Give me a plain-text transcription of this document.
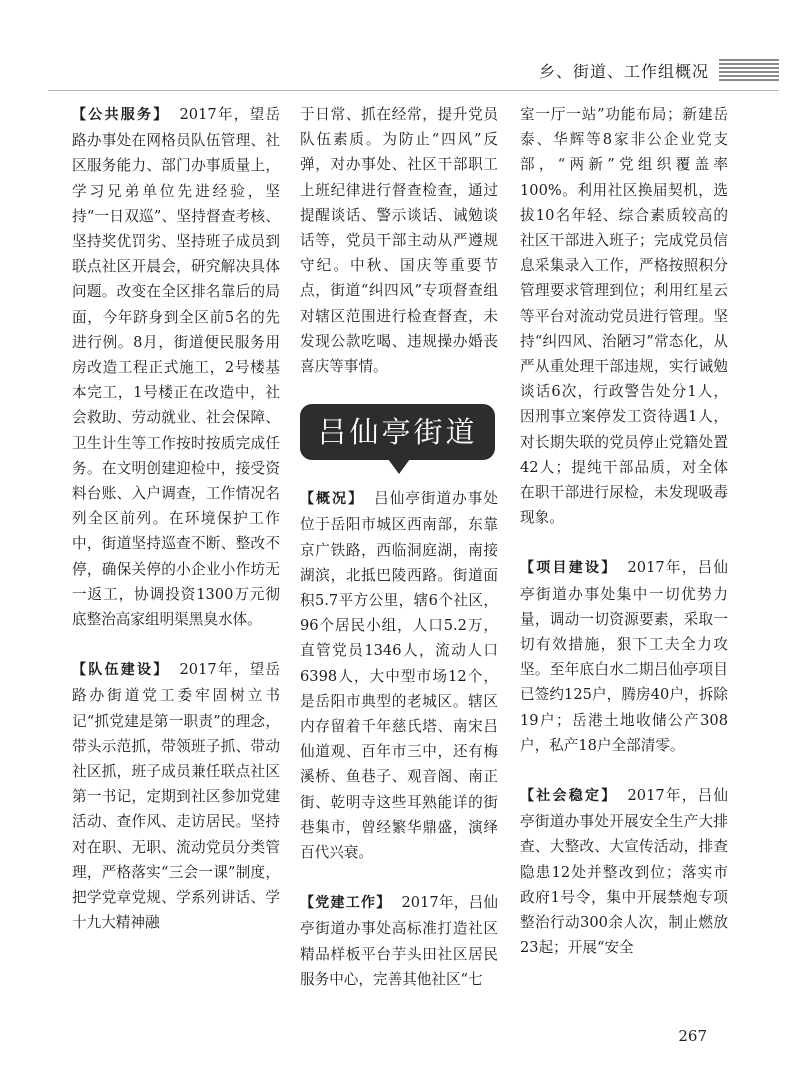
乡、街道、工作组概况

【公共服务】 2017年，望岳路办事处在网格员队伍管理、社区服务能力、部门办事质量上，学习兄弟单位先进经验，坚持“一日双巡”、坚持督查考核、坚持奖优罚劣、坚持班子成员到联点社区开晨会，研究解决具体问题。改变在全区排名靠后的局面，今年跻身到全区前5名的先进行例。8月，街道便民服务用房改造工程正式施工，2号楼基本完工，1号楼正在改造中，社会救助、劳动就业、社会保障、卫生计生等工作按时按质完成任务。在文明创建迎检中，接受资料台账、入户调查，工作情况名列全区前列。在环境保护工作中，街道坚持巡查不断、整改不停，确保关停的小企业小作坊无一返工，协调投资1300万元彻底整治高家组明渠黑臭水体。

【队伍建设】 2017年，望岳路办街道党工委牢固树立书记“抓党建是第一职责”的理念，带头示范抓，带领班子抓、带动社区抓，班子成员兼任联点社区第一书记，定期到社区参加党建活动、查作风、走访居民。坚持对在职、无职、流动党员分类管理，严格落实“三会一课”制度，把学党章党规、学系列讲话、学十九大精神融

于日常、抓在经常，提升党员队伍素质。为防止“四风”反弹，对办事处、社区干部职工上班纪律进行督查检查，通过提醒谈话、警示谈话、诫勉谈话等，党员干部主动从严遵规守纪。中秋、国庆等重要节点，街道“纠四风”专项督查组对辖区范围进行检查督查，未发现公款吃喝、违规操办婚丧喜庆等事情。

吕仙亭街道

【概况】 吕仙亭街道办事处位于岳阳市城区西南部，东靠京广铁路，西临洞庭湖，南接湖滨，北抵巴陵西路。街道面积5.7平方公里，辖6个社区，96个居民小组，人口5.2万，直管党员1346人，流动人口6398人，大中型市场12个，是岳阳市典型的老城区。辖区内存留着千年慈氏塔、南宋吕仙道观、百年市三中，还有梅溪桥、鱼巷子、观音阁、南正街、乾明寺这些耳熟能详的街巷集市，曾经繁华鼎盛，演绎百代兴衰。

【党建工作】 2017年，吕仙亭街道办事处高标准打造社区精品样板平台芋头田社区居民服务中心，完善其他社区“七

室一厅一站”功能布局；新建岳泰、华辉等8家非公企业党支部，“两新”党组织覆盖率100%。利用社区换届契机，选拔10名年轻、综合素质较高的社区干部进入班子；完成党员信息采集录入工作，严格按照积分管理要求管理到位；利用红星云等平台对流动党员进行管理。坚持“纠四风、治陋习”常态化，从严从重处理干部违规，实行诫勉谈话6次，行政警告处分1人，因刑事立案停发工资待遇1人，对长期失联的党员停止党籍处置42人；提纯干部品质，对全体在职干部进行尿检，未发现吸毒现象。

【项目建设】 2017年，吕仙亭街道办事处集中一切优势力量，调动一切资源要素，采取一切有效措施，狠下工夫全力攻坚。至年底白水二期吕仙亭项目已签约125户，腾房40户，拆除19户；岳港土地收储公产308户，私产18户全部清零。

【社会稳定】 2017年，吕仙亭街道办事处开展安全生产大排查、大整改、大宣传活动，排查隐患12处并整改到位；落实市政府1号令，集中开展禁炮专项整治行动300余人次，制止燃放23起；开展“安全

267
